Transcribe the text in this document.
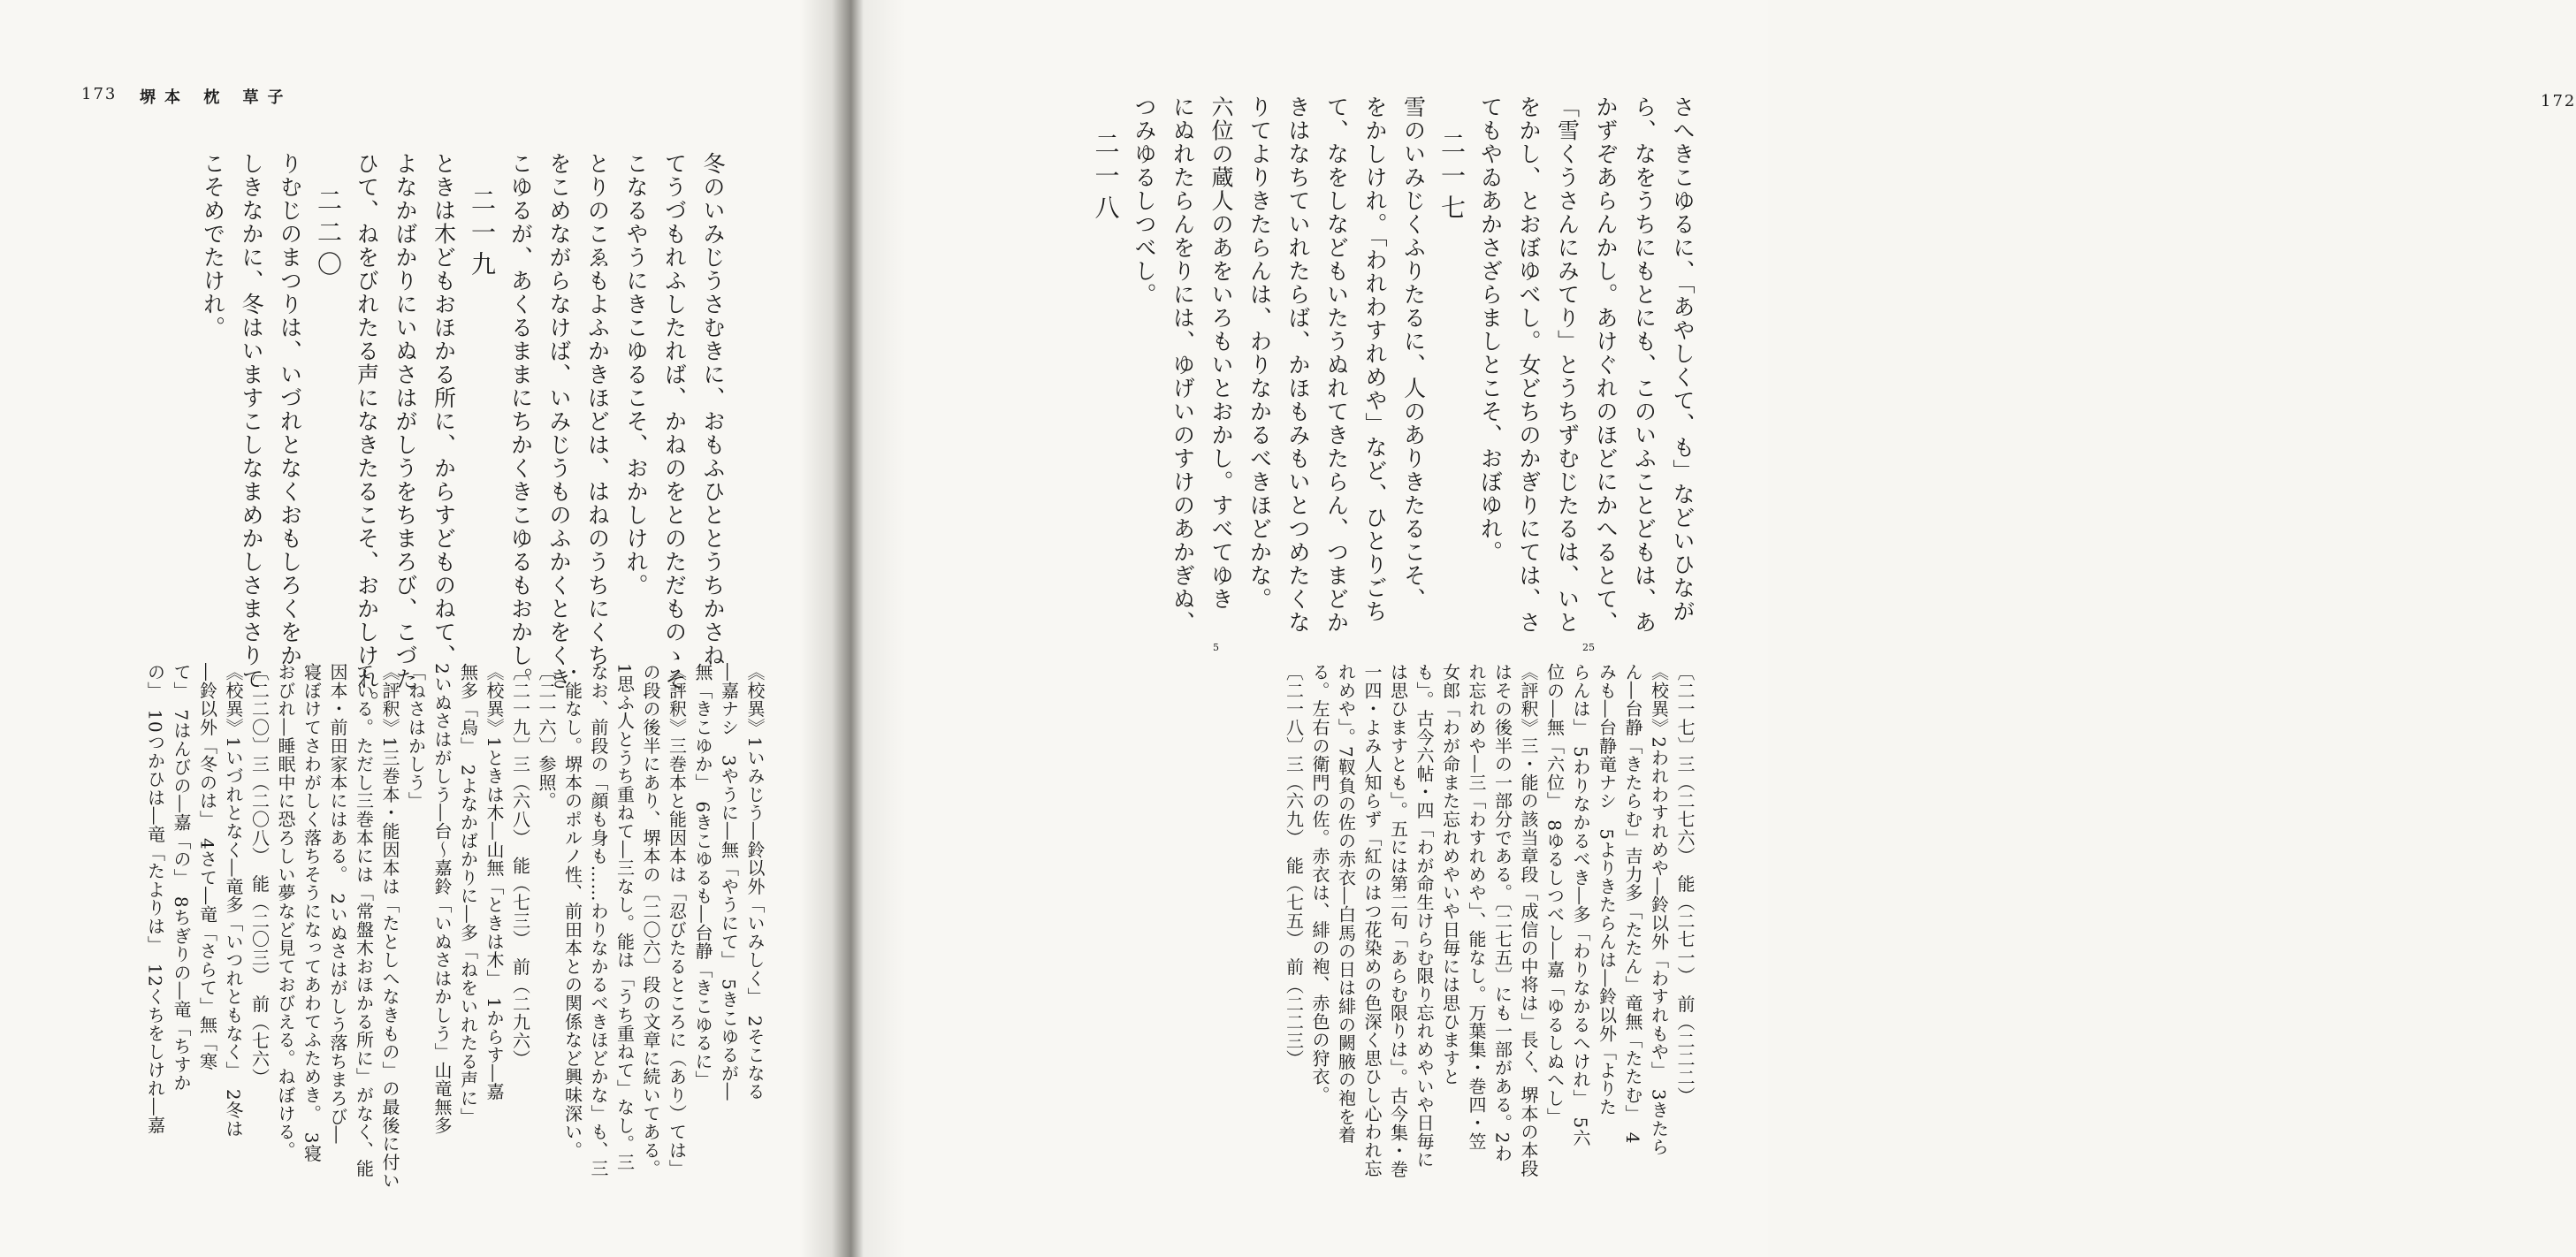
173 堺本 枕 草子
冬のいみじうさむきに、おもふひととうちかさね
てうづもれふしたれば、かねのをとのただものゝそ
こなるやうにきこゆるこそ、おかしけれ。
とりのこゑもよふかきほどは、はねのうちにくち
をこめながらなけば、いみじうものふかくとをくき
こゆるが、あくるままにちかくきこゆるもおかし。
二一九
ときは木どもおほかる所に、からすどものねて、
よなかばかりにいぬさはがしうをちまろび、こづた
ひて、ねをびれたる声になきたるこそ、おかしけれ。
二二〇
りむじのまつりは、いづれとなくおもしろくをか
しきなかに、冬はいますこしなまめかしさまさりて
こそめでたけれ。
《校異》1いみじう―鈴以外「いみしく」　2そこなる
―嘉ナシ　3やうに―無「やうにて」　5きこゆるが―
無「きこゆか」　6きこゆるも―台静「きこゆるに」
《評釈》三巻本と能因本は「忍びたるところに（あり）ては」
の段の後半にあり、堺本の〔二〇六〕段の文章に続いてある。
1思ふ人とうち重ねて―三なし。能は「うち重ねて」なし。三
なお、前段の「顔も身も……わりなかるべきほどかな」も、三
・能なし。堺本のポルノ性、前田本との関係など興味深い。
〔二一六〕参照。
〔二一九〕三（六八）　能（七三）　前（二九六）
《校異》1ときは木―山無「ときは木」　1からす―嘉
無多「烏」　2よなかばかりに―多「ねをいれたる声に」
2いぬさはがしう―台～嘉鈴「いぬさはかしう」山竜無多
「ねさはかしう」
《評釈》1三巻本・能因本は「たとしへなきもの」の最後に付い
ている。ただし三巻本には「常盤木おほかる所に」がなく、能
因本・前田家本にはある。　2いぬさはがしう落ちまろび―
寝ぼけてさわがしく落ちそうになってあわてふためき。　3寝
おびれ―睡眠中に恐ろしい夢など見ておびえる。ねぼける。
〔二二〇〕三（二〇八）　能（二〇三）　前（七六）
《校異》1いづれとなく―竜多「いつれともなく」　2冬は
―鈴以外「冬のは」　4さて―竜「さらて」無「寒
て」　7はんびの―嘉「の」　8ちぎりの―竜「ちすか
の」　10つかひは―竜「たよりは」　12くちをしけれ―嘉
172
さへきこゆるに、「あやしくて、も」などいひなが
ら、なをうちにもとにも、このいふことどもは、あ
かずぞあらんかし。あけぐれのほどにかへるとて、
「雪くうさんにみてり」とうちずむじたるは、いと
をかし、とおぼゆべし。女どちのかぎりにては、さ
てもやゐあかさざらましとこそ、おぼゆれ。
二一七
雪のいみじくふりたるに、人のありきたるこそ、
をかしけれ。「われわすれめや」など、ひとりごち
て、なをしなどもいたうぬれてきたらん、つまどか
きはなちていれたらば、かほもみもいとつめたくな
りてよりきたらんは、わりなかるべきほどかな。
六位の蔵人のあをいろもいとおかし。すべてゆき
にぬれたらんをりには、ゆげいのすけのあかぎぬ、
つみゆるしつべし。
二一八
〔二一七〕三（二七六）　能（二七一）　前（二二二）
《校異》2われわすれめや―鈴以外「わすれもや」　3きたら
ん―台静「きたらむ」吉力多「たたん」竜無「たたむ」　4
みも―台静竜ナシ　5よりきたらんは―鈴以外「よりた
らんは」　5わりなかるべき―多「わりなかるへけれ」　5六
位の―無「六位」　8ゆるしつべし―嘉「ゆるしぬへし」
《評釈》三・能の該当章段「成信の中将は」長く、堺本の本段
はその後半の一部分である。〔二七五〕にも一部がある。2わ
れ忘れめや―三「わすれめや」、能なし。万葉集・巻四・笠
女郎「わが命また忘れめやいや日毎には思ひますと
も」。古今六帖・四「わが命生けらむ限り忘れめやいや日毎に
は思ひますとも」。五には第二句「あらむ限りは」。古今集・巻
一四・よみ人知らず「紅のはつ花染めの色深く思ひし心われ忘
れめや」。7靫負の佐の赤衣―白馬の日は緋の闕腋の袍を着
る。左右の衛門の佐。赤衣は、緋の袍、赤色の狩衣。
〔二一八〕三（六九）　能（七五）　前（二二三）
5	25
